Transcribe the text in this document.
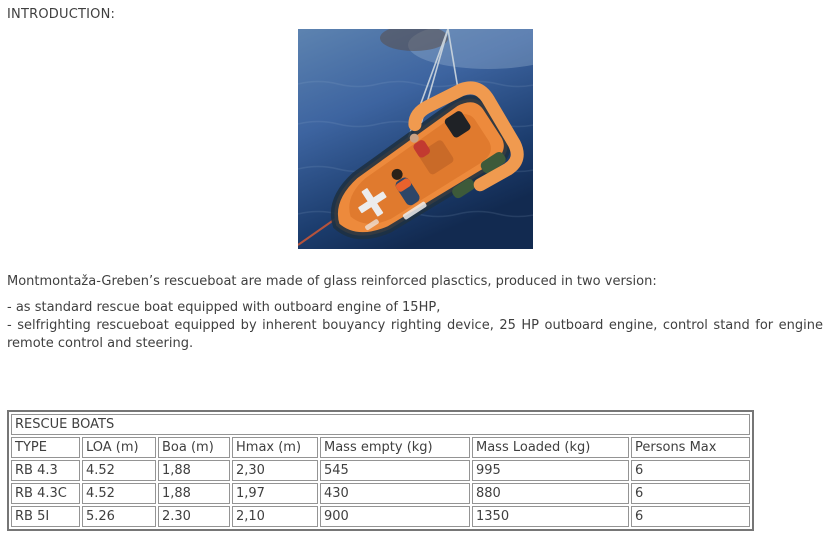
INTRODUCTION:

Montmontaža-Greben’s rescueboat are made of glass reinforced plasctics, produced in two version:

- as standard rescue boat equipped with outboard engine of 15HP,

- selfrighting rescueboat equipped by inherent bouyancy righting device, 25 HP outboard engine, control stand for engine remote control and steering.

RESCUE BOATS						
TYPE	LOA (m)	Boa (m)	Hmax (m)	Mass empty (kg)	Mass Loaded (kg)	Persons Max
RB 4.3	4.52	1,88	2,30	545	995	6
RB 4.3C	4.52	1,88	1,97	430	880	6
RB 5I	5.26	2.30	2,10	900	1350	6
